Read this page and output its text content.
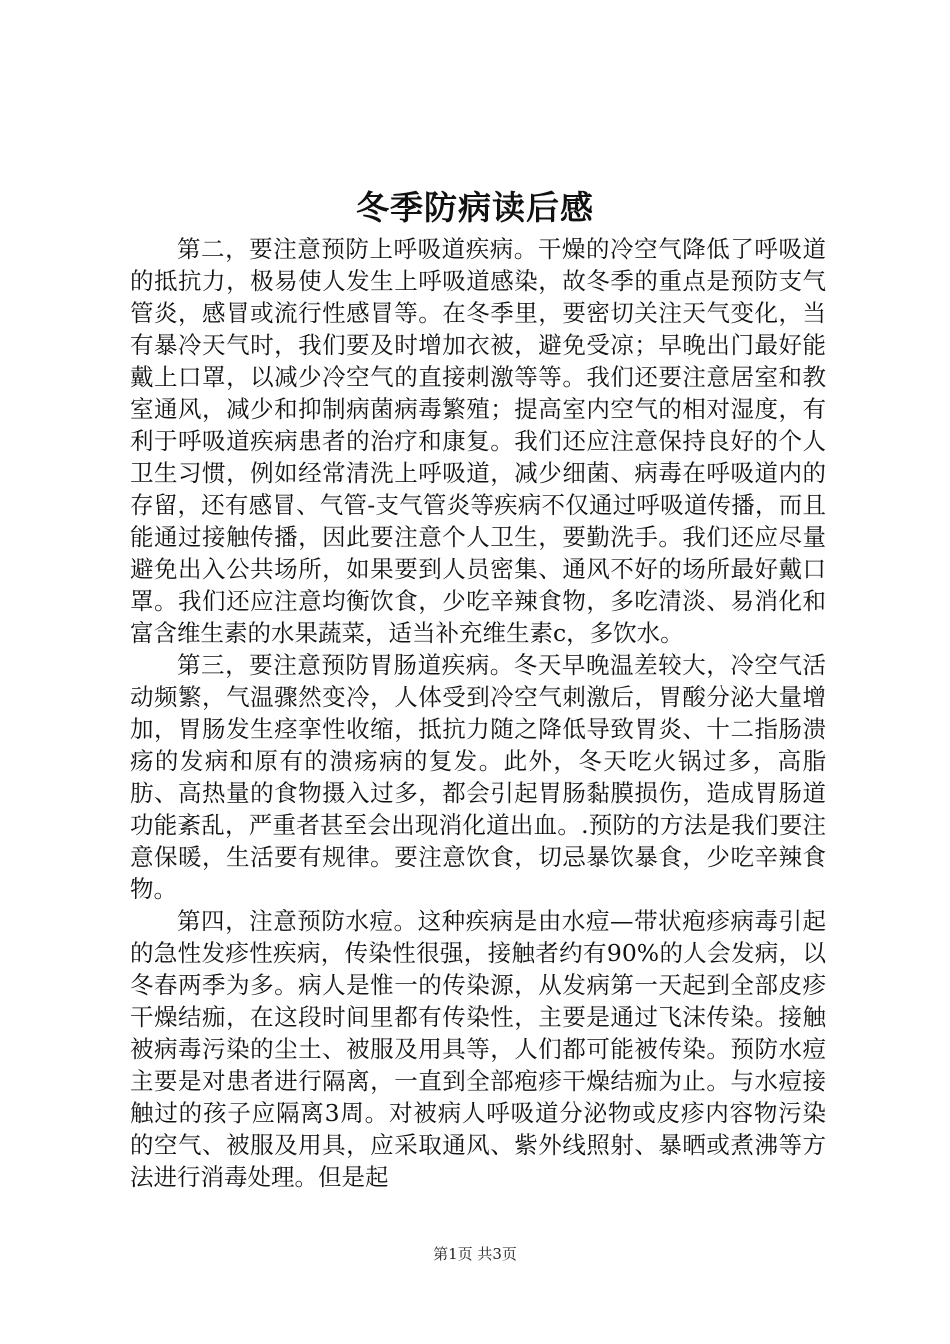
冬季防病读后感

第二，要注意预防上呼吸道疾病。干燥的冷空气降低了呼吸道的抵抗力，极易使人发生上呼吸道感染，故冬季的重点是预防支气管炎，感冒或流行性感冒等。在冬季里，要密切关注天气变化，当有暴冷天气时，我们要及时增加衣被，避免受凉；早晚出门最好能戴上口罩，以减少冷空气的直接刺激等等。我们还要注意居室和教室通风，减少和抑制病菌病毒繁殖；提高室内空气的相对湿度，有利于呼吸道疾病患者的治疗和康复。我们还应注意保持良好的个人卫生习惯，例如经常清洗上呼吸道，减少细菌、病毒在呼吸道内的存留，还有感冒、气管-支气管炎等疾病不仅通过呼吸道传播，而且能通过接触传播，因此要注意个人卫生，要勤洗手。我们还应尽量避免出入公共场所，如果要到人员密集、通风不好的场所最好戴口罩。我们还应注意均衡饮食，少吃辛辣食物，多吃清淡、易消化和富含维生素的水果蔬菜，适当补充维生素c，多饮水。

第三，要注意预防胃肠道疾病。冬天早晚温差较大，冷空气活动频繁，气温骤然变冷，人体受到冷空气刺激后，胃酸分泌大量增加，胃肠发生痉挛性收缩，抵抗力随之降低导致胃炎、十二指肠溃疡的发病和原有的溃疡病的复发。此外，冬天吃火锅过多，高脂肪、高热量的食物摄入过多，都会引起胃肠黏膜损伤，造成胃肠道功能紊乱，严重者甚至会出现消化道出血。.预防的方法是我们要注意保暖，生活要有规律。要注意饮食，切忌暴饮暴食，少吃辛辣食物。

第四，注意预防水痘。这种疾病是由水痘—带状疱疹病毒引起的急性发疹性疾病，传染性很强，接触者约有90%的人会发病，以冬春两季为多。病人是惟一的传染源，从发病第一天起到全部皮疹干燥结痂，在这段时间里都有传染性，主要是通过飞沫传染。接触被病毒污染的尘土、被服及用具等，人们都可能被传染。预防水痘主要是对患者进行隔离，一直到全部疱疹干燥结痂为止。与水痘接触过的孩子应隔离3周。对被病人呼吸道分泌物或皮疹内容物污染的空气、被服及用具，应采取通风、紫外线照射、暴晒或煮沸等方法进行消毒处理。但是起

第1页 共3页
